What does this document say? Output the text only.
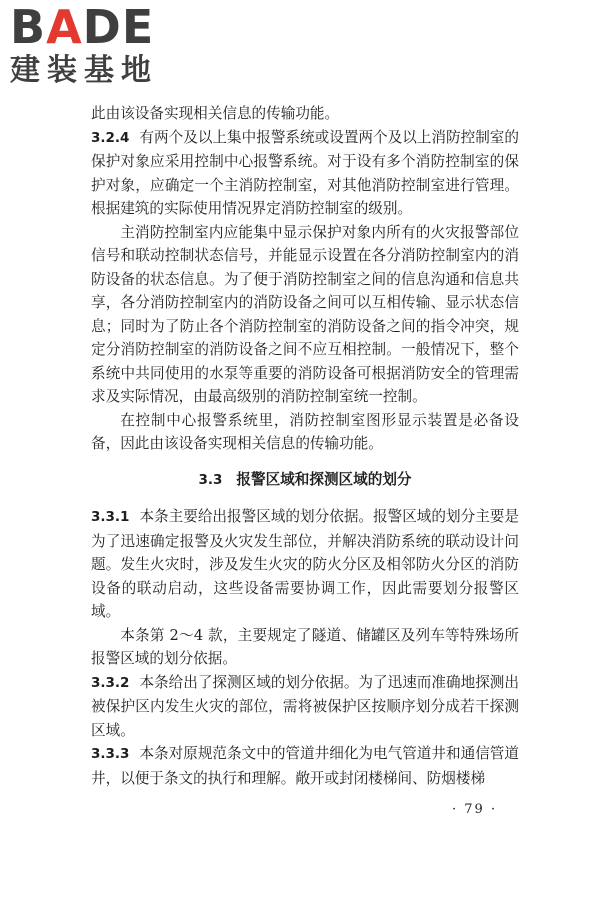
BADE
建装基地

此由该设备实现相关信息的传输功能。

3.2.4 有两个及以上集中报警系统或设置两个及以上消防控制室的保护对象应采用控制中心报警系统。对于设有多个消防控制室的保护对象，应确定一个主消防控制室，对其他消防控制室进行管理。根据建筑的实际使用情况界定消防控制室的级别。

主消防控制室内应能集中显示保护对象内所有的火灾报警部位信号和联动控制状态信号，并能显示设置在各分消防控制室内的消防设备的状态信息。为了便于消防控制室之间的信息沟通和信息共享，各分消防控制室内的消防设备之间可以互相传输、显示状态信息；同时为了防止各个消防控制室的消防设备之间的指令冲突，规定分消防控制室的消防设备之间不应互相控制。一般情况下，整个系统中共同使用的水泵等重要的消防设备可根据消防安全的管理需求及实际情况，由最高级别的消防控制室统一控制。

在控制中心报警系统里，消防控制室图形显示装置是必备设备，因此由该设备实现相关信息的传输功能。

3.3 报警区域和探测区域的划分

3.3.1 本条主要给出报警区域的划分依据。报警区域的划分主要是为了迅速确定报警及火灾发生部位，并解决消防系统的联动设计问题。发生火灾时，涉及发生火灾的防火分区及相邻防火分区的消防设备的联动启动，这些设备需要协调工作，因此需要划分报警区域。

本条第 2～4 款，主要规定了隧道、储罐区及列车等特殊场所报警区域的划分依据。

3.3.2 本条给出了探测区域的划分依据。为了迅速而准确地探测出被保护区内发生火灾的部位，需将被保护区按顺序划分成若干探测区域。

3.3.3 本条对原规范条文中的管道井细化为电气管道井和通信管道井，以便于条文的执行和理解。敞开或封闭楼梯间、防烟楼梯

· 79 ·
